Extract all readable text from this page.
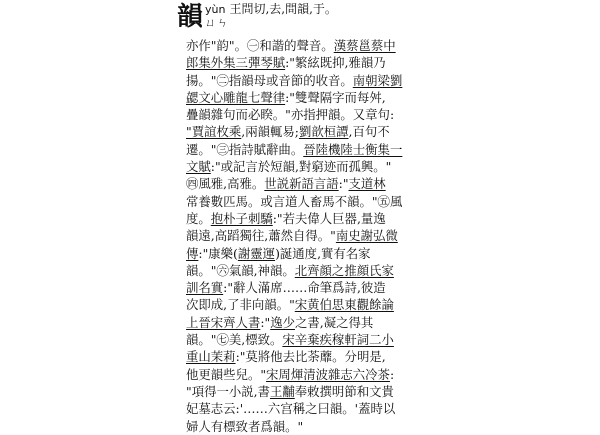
韻 yùn 王問切,去,問韻,于。
ㄩㄣ
亦作"韵"。㊀和諧的聲音。漢蔡邕蔡中
郎集外集三彈琴賦:"繁絃既抑,雅韻乃
揚。"㊁指韻母或音節的收音。南朝梁劉
勰文心雕龍七聲律:"雙聲隔字而每舛,
疊韻雜句而必睽。"亦指押韻。又章句:
"賈誼枚乘,兩韻輒易;劉歆桓譚,百句不
遷。"㊂指詩賦辭曲。晉陸機陸士衡集一
文賦:"或記言於短韻,對窮迹而孤興。"
㊃風雅,高雅。世説新語言語:"支道林
常養數匹馬。或言道人畜馬不韻。"㊄風
度。抱朴子刺驕:"若夫偉人巨器,量逸
韻遠,高蹈獨往,蕭然自得。"南史謝弘微
傳:"康樂(謝靈運)誕通度,實有名家
韻。"㊅氣韻,神韻。北齊顔之推顔氏家
訓名實:"辭人滿席……命筆爲詩,彼造
次即成,了非向韻。"宋黄伯思東觀餘論
上晉宋齊人書:"逸少之書,凝之得其
韻。"㊆美,標致。宋辛棄疾稼軒詞二小
重山茉莉:"莫將他去比荼蘼。分明是,
他更韻些兒。"宋周煇清波雜志六冷茶:
"項得一小説,書王黼奉敕撰明節和文貴
妃墓志云:'……六宫稱之曰韻。'蓋時以
婦人有標致者爲韻。"
